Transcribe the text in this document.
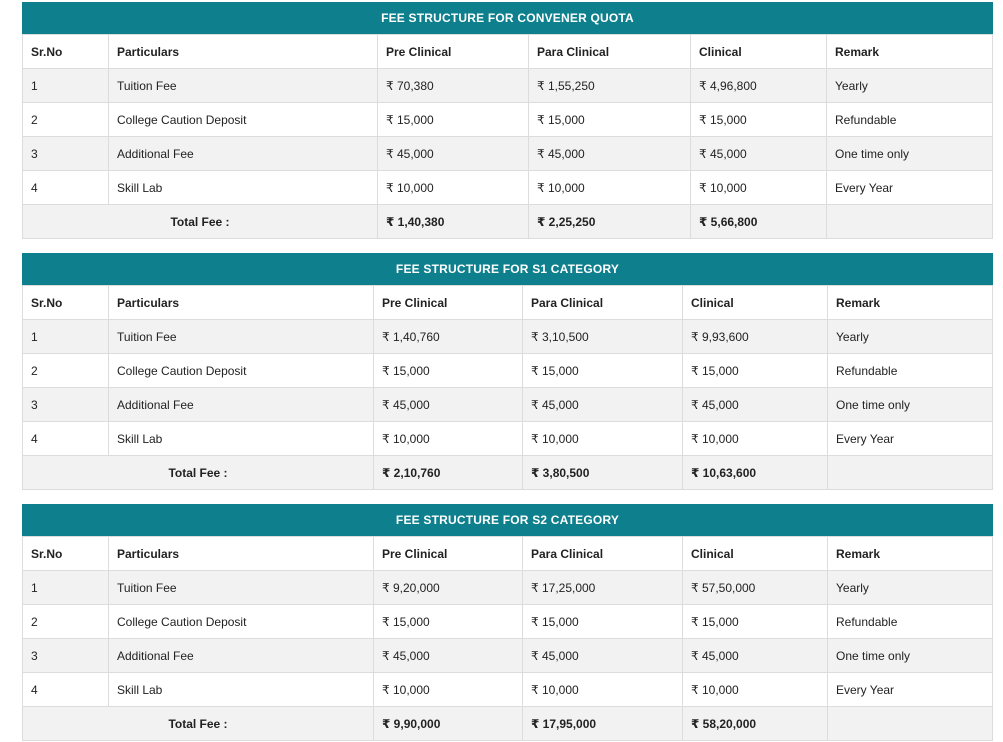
FEE STRUCTURE FOR CONVENER QUOTA
Sr.No	Particulars	Pre Clinical	Para Clinical	Clinical	Remark
1	Tuition Fee	₹ 70,380	₹ 1,55,250	₹ 4,96,800	Yearly
2	College Caution Deposit	₹ 15,000	₹ 15,000	₹ 15,000	Refundable
3	Additional Fee	₹ 45,000	₹ 45,000	₹ 45,000	One time only
4	Skill Lab	₹ 10,000	₹ 10,000	₹ 10,000	Every Year
Total Fee :		₹ 1,40,380	₹ 2,25,250	₹ 5,66,800	
FEE STRUCTURE FOR S1 CATEGORY
Sr.No	Particulars	Pre Clinical	Para Clinical	Clinical	Remark
1	Tuition Fee	₹ 1,40,760	₹ 3,10,500	₹ 9,93,600	Yearly
2	College Caution Deposit	₹ 15,000	₹ 15,000	₹ 15,000	Refundable
3	Additional Fee	₹ 45,000	₹ 45,000	₹ 45,000	One time only
4	Skill Lab	₹ 10,000	₹ 10,000	₹ 10,000	Every Year
Total Fee :		₹ 2,10,760	₹ 3,80,500	₹ 10,63,600	
FEE STRUCTURE FOR S2 CATEGORY
Sr.No	Particulars	Pre Clinical	Para Clinical	Clinical	Remark
1	Tuition Fee	₹ 9,20,000	₹ 17,25,000	₹ 57,50,000	Yearly
2	College Caution Deposit	₹ 15,000	₹ 15,000	₹ 15,000	Refundable
3	Additional Fee	₹ 45,000	₹ 45,000	₹ 45,000	One time only
4	Skill Lab	₹ 10,000	₹ 10,000	₹ 10,000	Every Year
Total Fee :		₹ 9,90,000	₹ 17,95,000	₹ 58,20,000	
